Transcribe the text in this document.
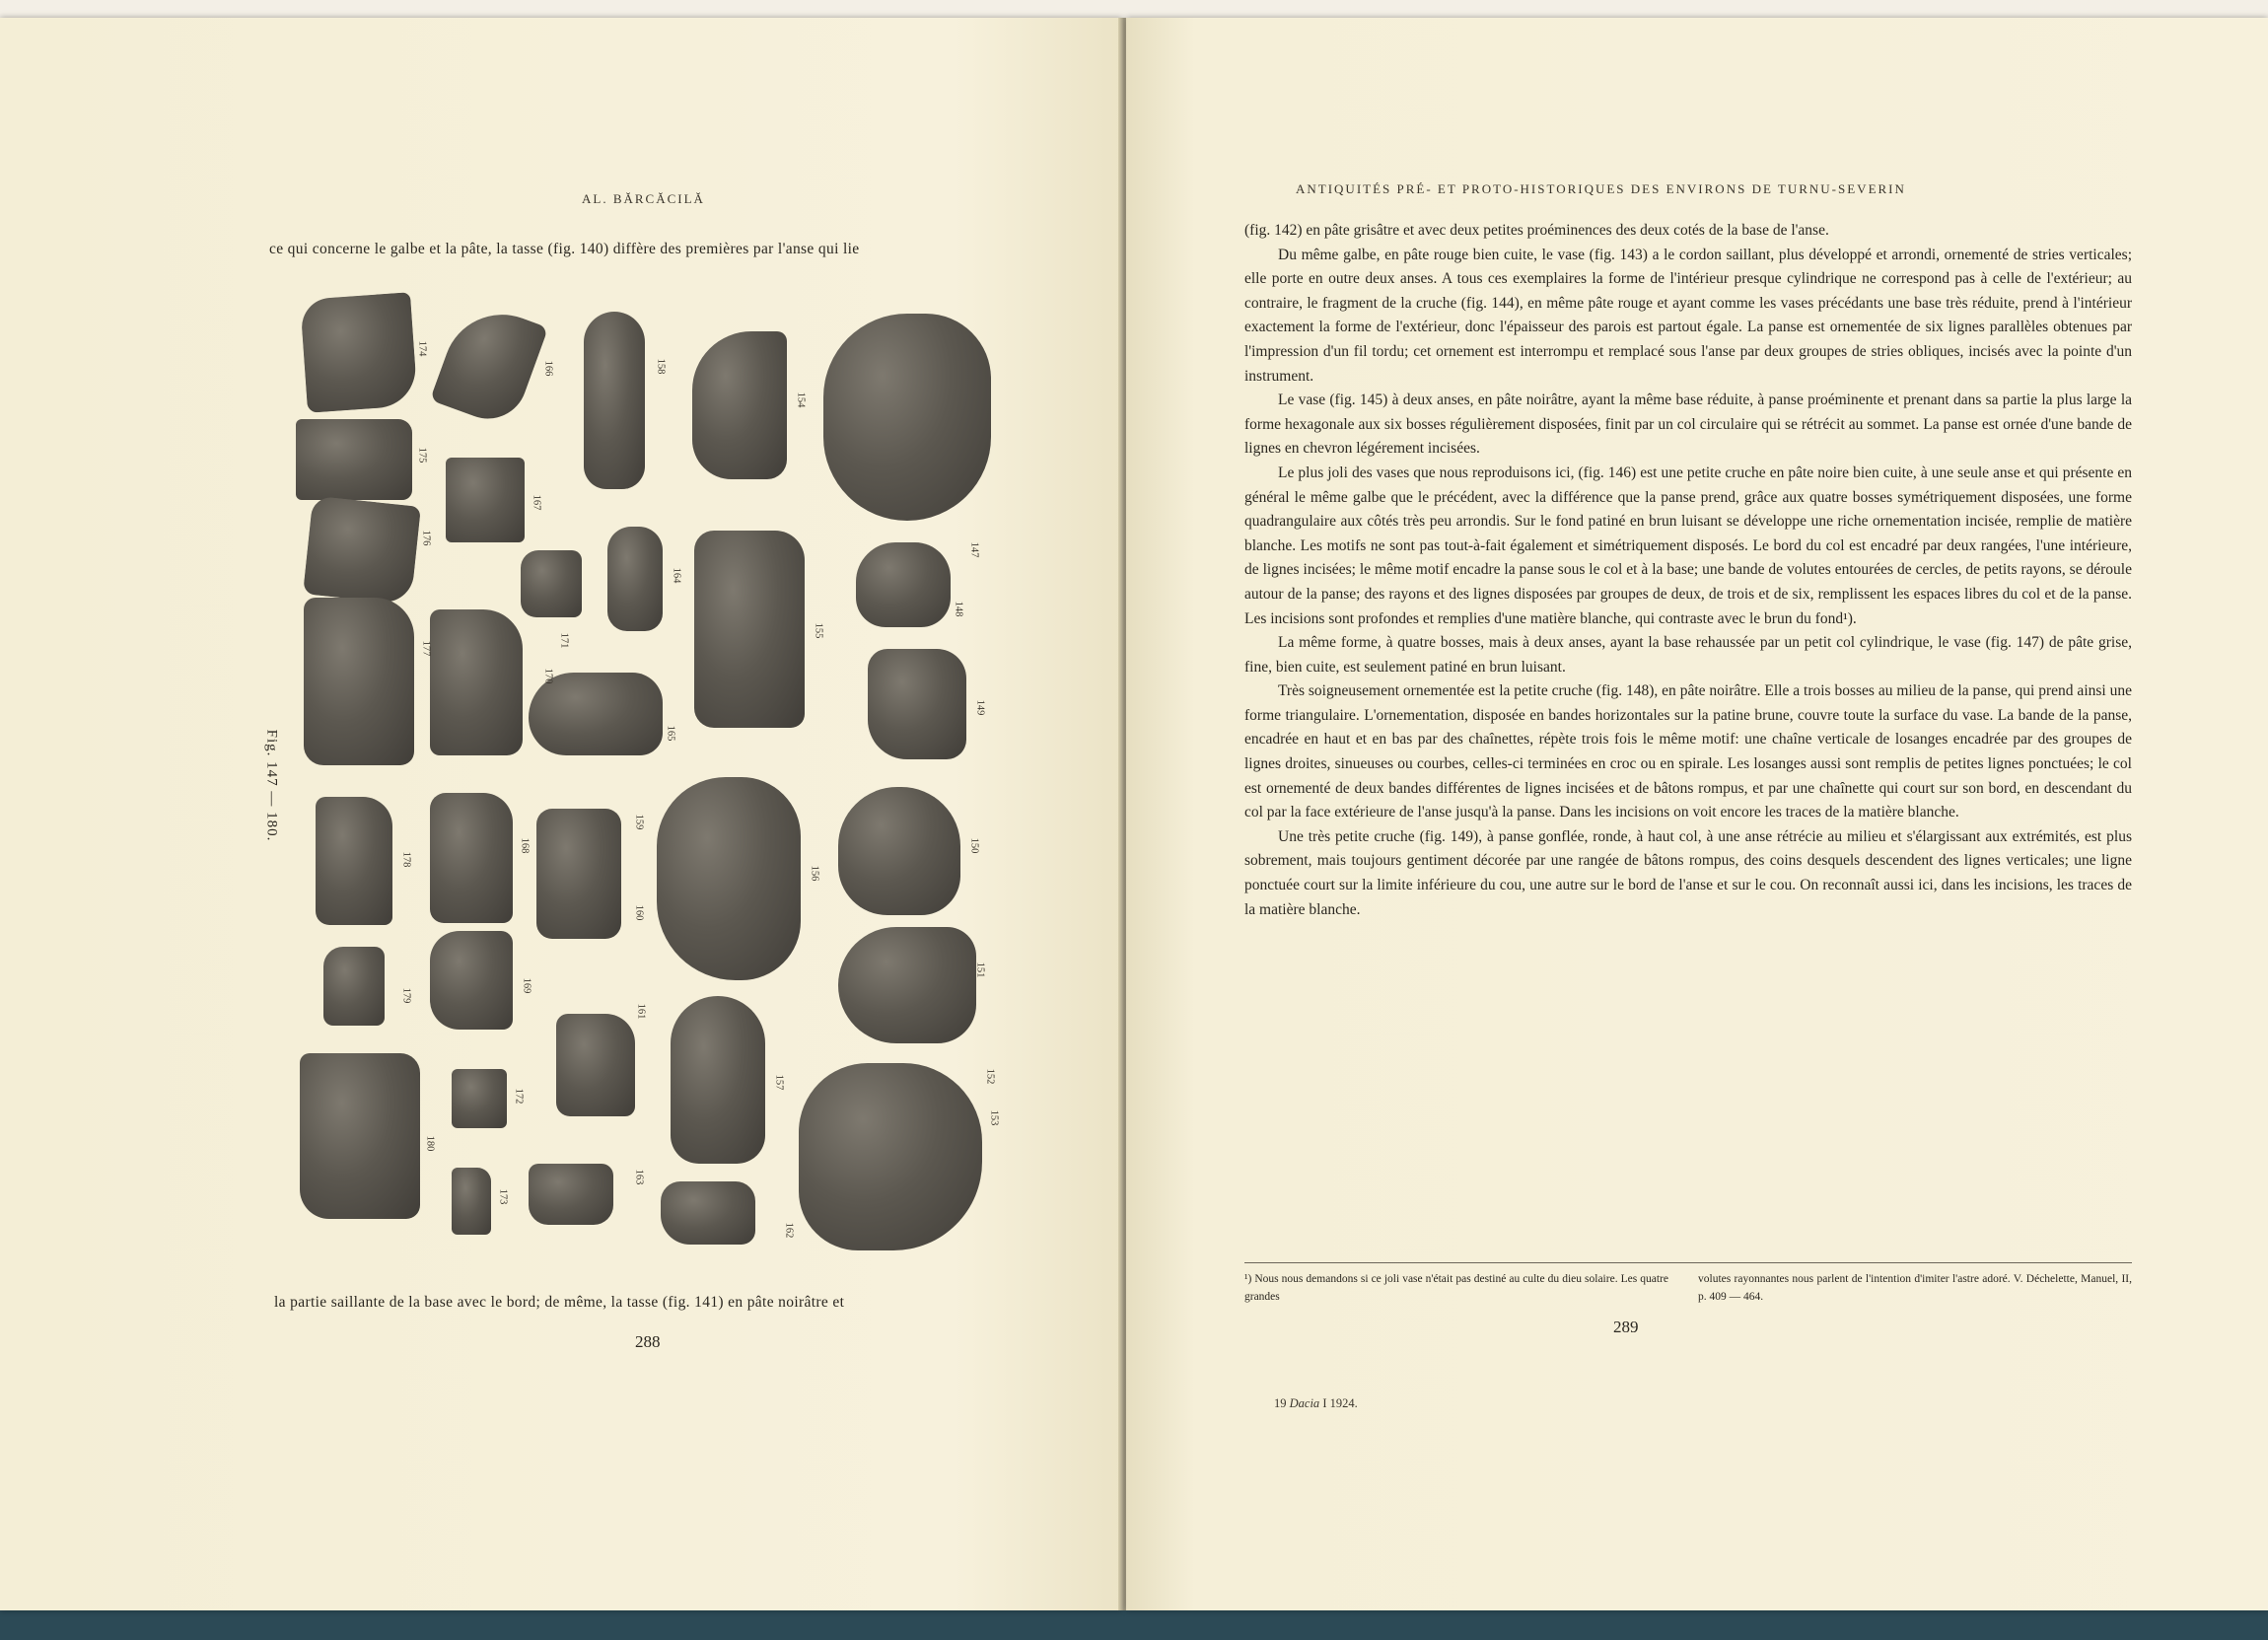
AL. BĂRCĂCILĂ
ce qui concerne le galbe et la pâte, la tasse (fig. 140) diffère des premières par l'anse qui lie
174
175
176
177
178
179
180
166
167
171
170
168
169
172
173
158
160
164
165
159
161
163
154
155
156
157
162
147
148
149
150
151
152
153
Fig. 147 — 180.
la partie saillante de la base avec le bord; de même, la tasse (fig. 141) en pâte noirâtre et
288
ANTIQUITÉS PRÉ- ET PROTO-HISTORIQUES DES ENVIRONS DE TURNU-SEVERIN

(fig. 142) en pâte grisâtre et avec deux petites proéminences des deux cotés de la base de l'anse.

Du même galbe, en pâte rouge bien cuite, le vase (fig. 143) a le cordon saillant, plus développé et arrondi, ornementé de stries verticales; elle porte en outre deux anses. A tous ces exemplaires la forme de l'intérieur presque cylindrique ne correspond pas à celle de l'extérieur; au contraire, le fragment de la cruche (fig. 144), en même pâte rouge et ayant comme les vases précédants une base très réduite, prend à l'intérieur exactement la forme de l'extérieur, donc l'épaisseur des parois est partout égale. La panse est ornementée de six lignes parallèles obtenues par l'impression d'un fil tordu; cet ornement est interrompu et remplacé sous l'anse par deux groupes de stries obliques, incisés avec la pointe d'un instrument.

Le vase (fig. 145) à deux anses, en pâte noirâtre, ayant la même base réduite, à panse proéminente et prenant dans sa partie la plus large la forme hexagonale aux six bosses régulièrement disposées, finit par un col circulaire qui se rétrécit au sommet. La panse est ornée d'une bande de lignes en chevron légérement incisées.

Le plus joli des vases que nous reproduisons ici, (fig. 146) est une petite cruche en pâte noire bien cuite, à une seule anse et qui présente en général le même galbe que le précédent, avec la différence que la panse prend, grâce aux quatre bosses symétriquement disposées, une forme quadrangulaire aux côtés très peu arrondis. Sur le fond patiné en brun luisant se développe une riche ornementation incisée, remplie de matière blanche. Les motifs ne sont pas tout-à-fait également et simétriquement disposés. Le bord du col est encadré par deux rangées, l'une intérieure, de lignes incisées; le même motif encadre la panse sous le col et à la base; une bande de volutes entourées de cercles, de petits rayons, se déroule autour de la panse; des rayons et des lignes disposées par groupes de deux, de trois et de six, remplissent les espaces libres du col et de la panse. Les incisions sont profondes et remplies d'une matière blanche, qui contraste avec le brun du fond¹).

La même forme, à quatre bosses, mais à deux anses, ayant la base rehaussée par un petit col cylindrique, le vase (fig. 147) de pâte grise, fine, bien cuite, est seulement patiné en brun luisant.

Très soigneusement ornementée est la petite cruche (fig. 148), en pâte noirâtre. Elle a trois bosses au milieu de la panse, qui prend ainsi une forme triangulaire. L'ornementation, disposée en bandes horizontales sur la patine brune, couvre toute la surface du vase. La bande de la panse, encadrée en haut et en bas par des chaînettes, répète trois fois le même motif: une chaîne verticale de losanges encadrée par des groupes de lignes droites, sinueuses ou courbes, celles-ci terminées en croc ou en spirale. Les losanges aussi sont remplis de petites lignes ponctuées; le col est ornementé de deux bandes différentes de lignes incisées et de bâtons rompus, et par une chaînette qui court sur son bord, en descendant du col par la face extérieure de l'anse jusqu'à la panse. Dans les incisions on voit encore les traces de la matière blanche.

Une très petite cruche (fig. 149), à panse gonflée, ronde, à haut col, à une anse rétrécie au milieu et s'élargissant aux extrémités, est plus sobrement, mais toujours gentiment décorée par une rangée de bâtons rompus, des coins desquels descendent des lignes verticales; une ligne ponctuée court sur la limite inférieure du cou, une autre sur le bord de l'anse et sur le cou. On reconnaît aussi ici, dans les incisions, les traces de la matière blanche.

¹) Nous nous demandons si ce joli vase n'était pas destiné au culte du dieu solaire. Les quatre grandes
volutes rayonnantes nous parlent de l'intention d'imiter l'astre adoré. V. Déchelette, Manuel, II, p. 409 — 464.
289
19 Dacia I 1924.
